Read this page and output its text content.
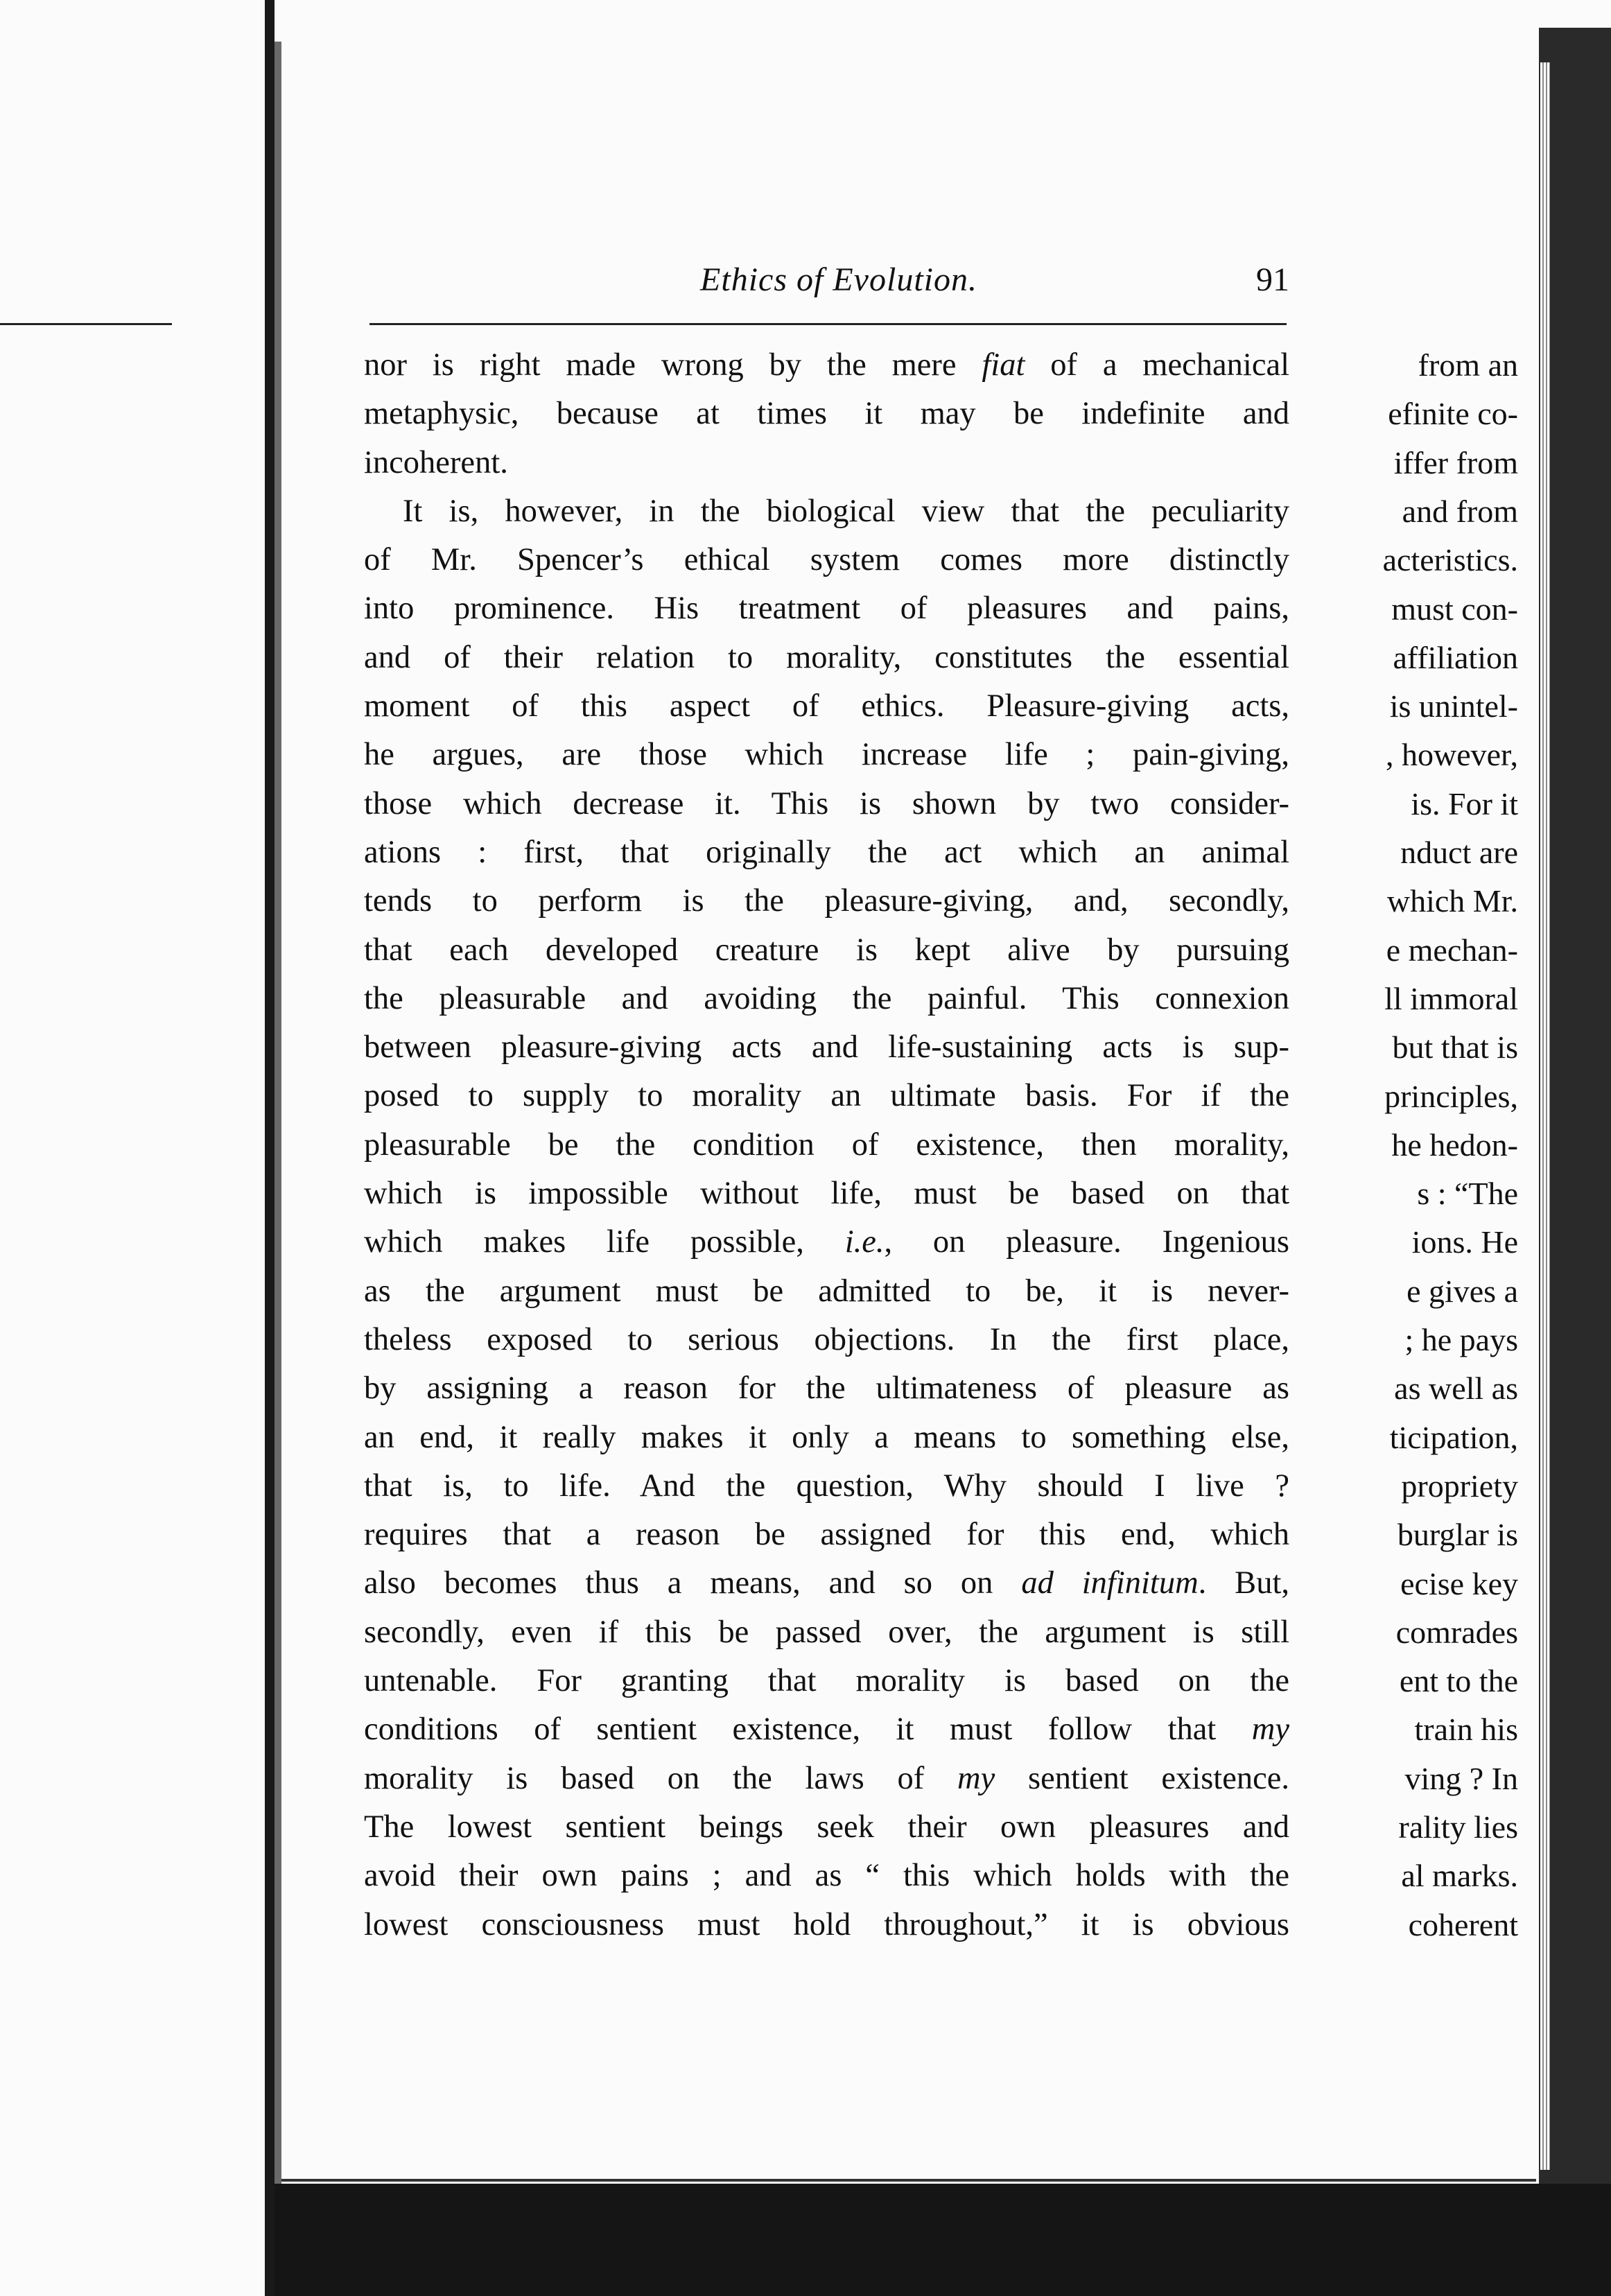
from an
efinite co-
iffer from
and from
acteristics.
must con-
affiliation
is unintel-
, however,
is. For it
nduct are
which Mr.
e mechan-
ll immoral
but that is
principles,
he hedon-
s : “The
ions. He
e gives a
; he pays
as well as
ticipation,
propriety
burglar is
ecise key
comrades
ent to the
train his
ving ? In
rality lies
al marks.
coherent
Ethics of Evolution.	91
nor is right made wrong by the mere fiat of a mechanical
metaphysic, because at times it may be indefinite and
incoherent.
It is, however, in the biological view that the peculiarity
of Mr. Spencer’s ethical system comes more distinctly
into prominence. His treatment of pleasures and pains,
and of their relation to morality, constitutes the essential
moment of this aspect of ethics. Pleasure-giving acts,
he argues, are those which increase life ; pain-giving,
those which decrease it. This is shown by two consider-
ations : first, that originally the act which an animal
tends to perform is the pleasure-giving, and, secondly,
that each developed creature is kept alive by pursuing
the pleasurable and avoiding the painful. This connexion
between pleasure-giving acts and life-sustaining acts is sup-
posed to supply to morality an ultimate basis. For if the
pleasurable be the condition of existence, then morality,
which is impossible without life, must be based on that
which makes life possible, i.e., on pleasure. Ingenious
as the argument must be admitted to be, it is never-
theless exposed to serious objections. In the first place,
by assigning a reason for the ultimateness of pleasure as
an end, it really makes it only a means to something else,
that is, to life. And the question, Why should I live ?
requires that a reason be assigned for this end, which
also becomes thus a means, and so on ad infinitum. But,
secondly, even if this be passed over, the argument is still
untenable. For granting that morality is based on the
conditions of sentient existence, it must follow that my
morality is based on the laws of my sentient existence.
The lowest sentient beings seek their own pleasures and
avoid their own pains ; and as “ this which holds with the
lowest consciousness must hold throughout,” it is obvious
